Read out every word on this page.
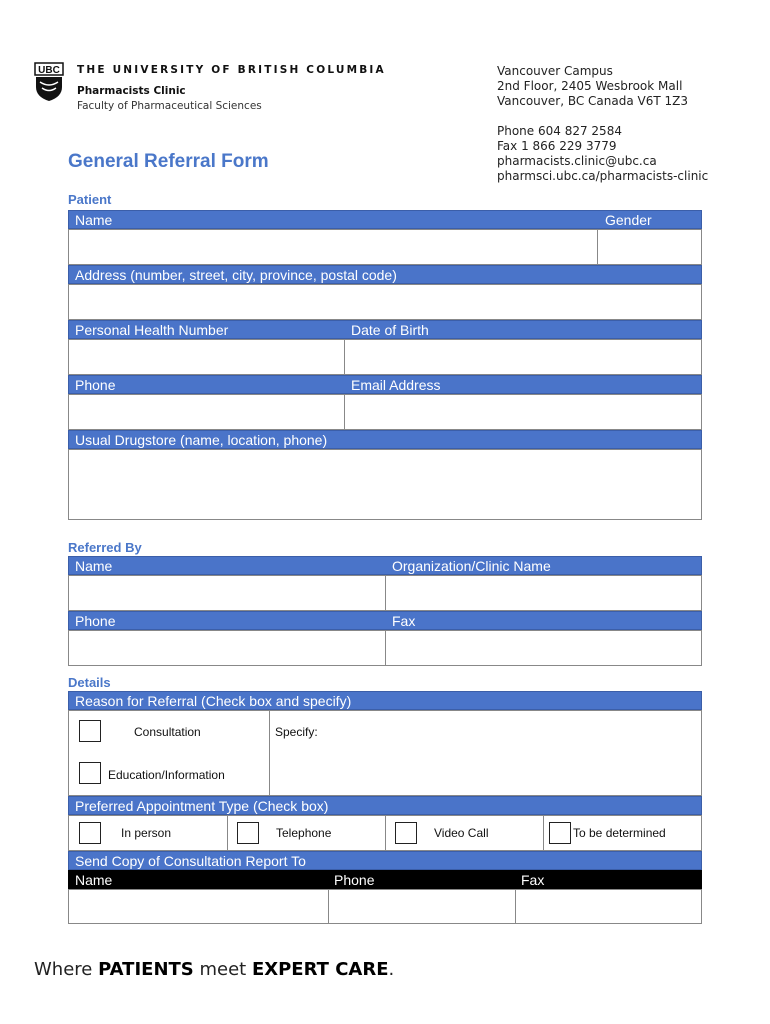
UBC THE UNIVERSITY OF BRITISH COLUMBIA
Pharmacists Clinic
Faculty of Pharmaceutical Sciences
Vancouver Campus
2nd Floor, 2405 Wesbrook Mall
Vancouver, BC Canada V6T 1Z3
Phone 604 827 2584
Fax 1 866 229 3779
pharmacists.clinic@ubc.ca
pharmsci.ubc.ca/pharmacists-clinic
General Referral Form
Patient
Name	Gender
Address (number, street, city, province, postal code)
Personal Health Number	Date of Birth
Phone	Email Address
Usual Drugstore (name, location, phone)
Referred By
Name	Organization/Clinic Name
Phone	Fax
Details
Reason for Referral (Check box and specify)
Consultation	Specify:
Education/Information
Preferred Appointment Type (Check box)
In person	Telephone	Video Call	To be determined
Send Copy of Consultation Report To
Name	Phone	Fax
Where PATIENTS meet EXPERT CARE.
